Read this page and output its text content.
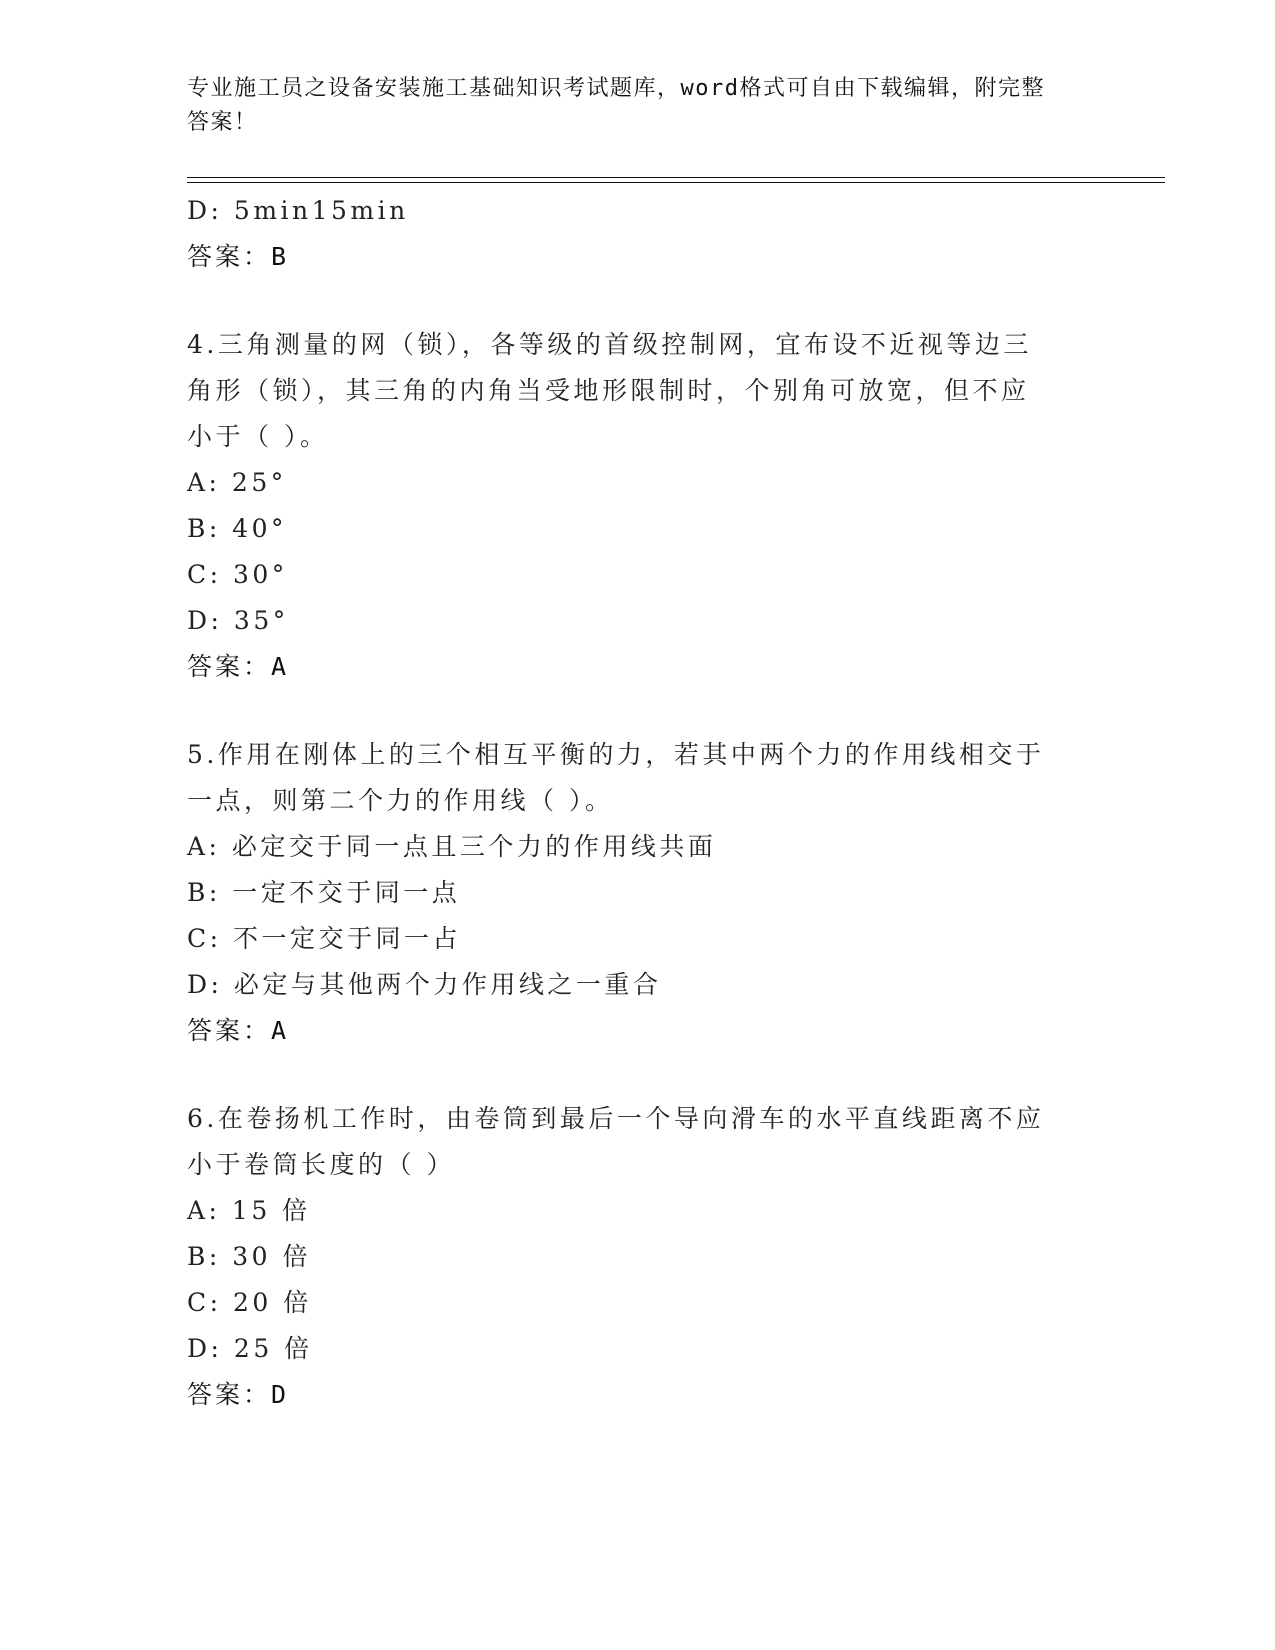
专业施工员之设备安装施工基础知识考试题库，word格式可自由下载编辑，附完整答案！
D: 5min15min
答案：B
4.三角测量的网（锁），各等级的首级控制网，宜布设不近视等边三
角形（锁），其三角的内角当受地形限制时，个别角可放宽，但不应
小于（ ）。
A: 25°
B: 40°
C: 30°
D: 35°
答案：A
5.作用在刚体上的三个相互平衡的力，若其中两个力的作用线相交于
一点，则第二个力的作用线（ ）。
A: 必定交于同一点且三个力的作用线共面
B: 一定不交于同一点
C: 不一定交于同一占
D: 必定与其他两个力作用线之一重合
答案：A
6.在卷扬机工作时，由卷筒到最后一个导向滑车的水平直线距离不应
小于卷筒长度的（ ）
A: 15 倍
B: 30 倍
C: 20 倍
D: 25 倍
答案：D
